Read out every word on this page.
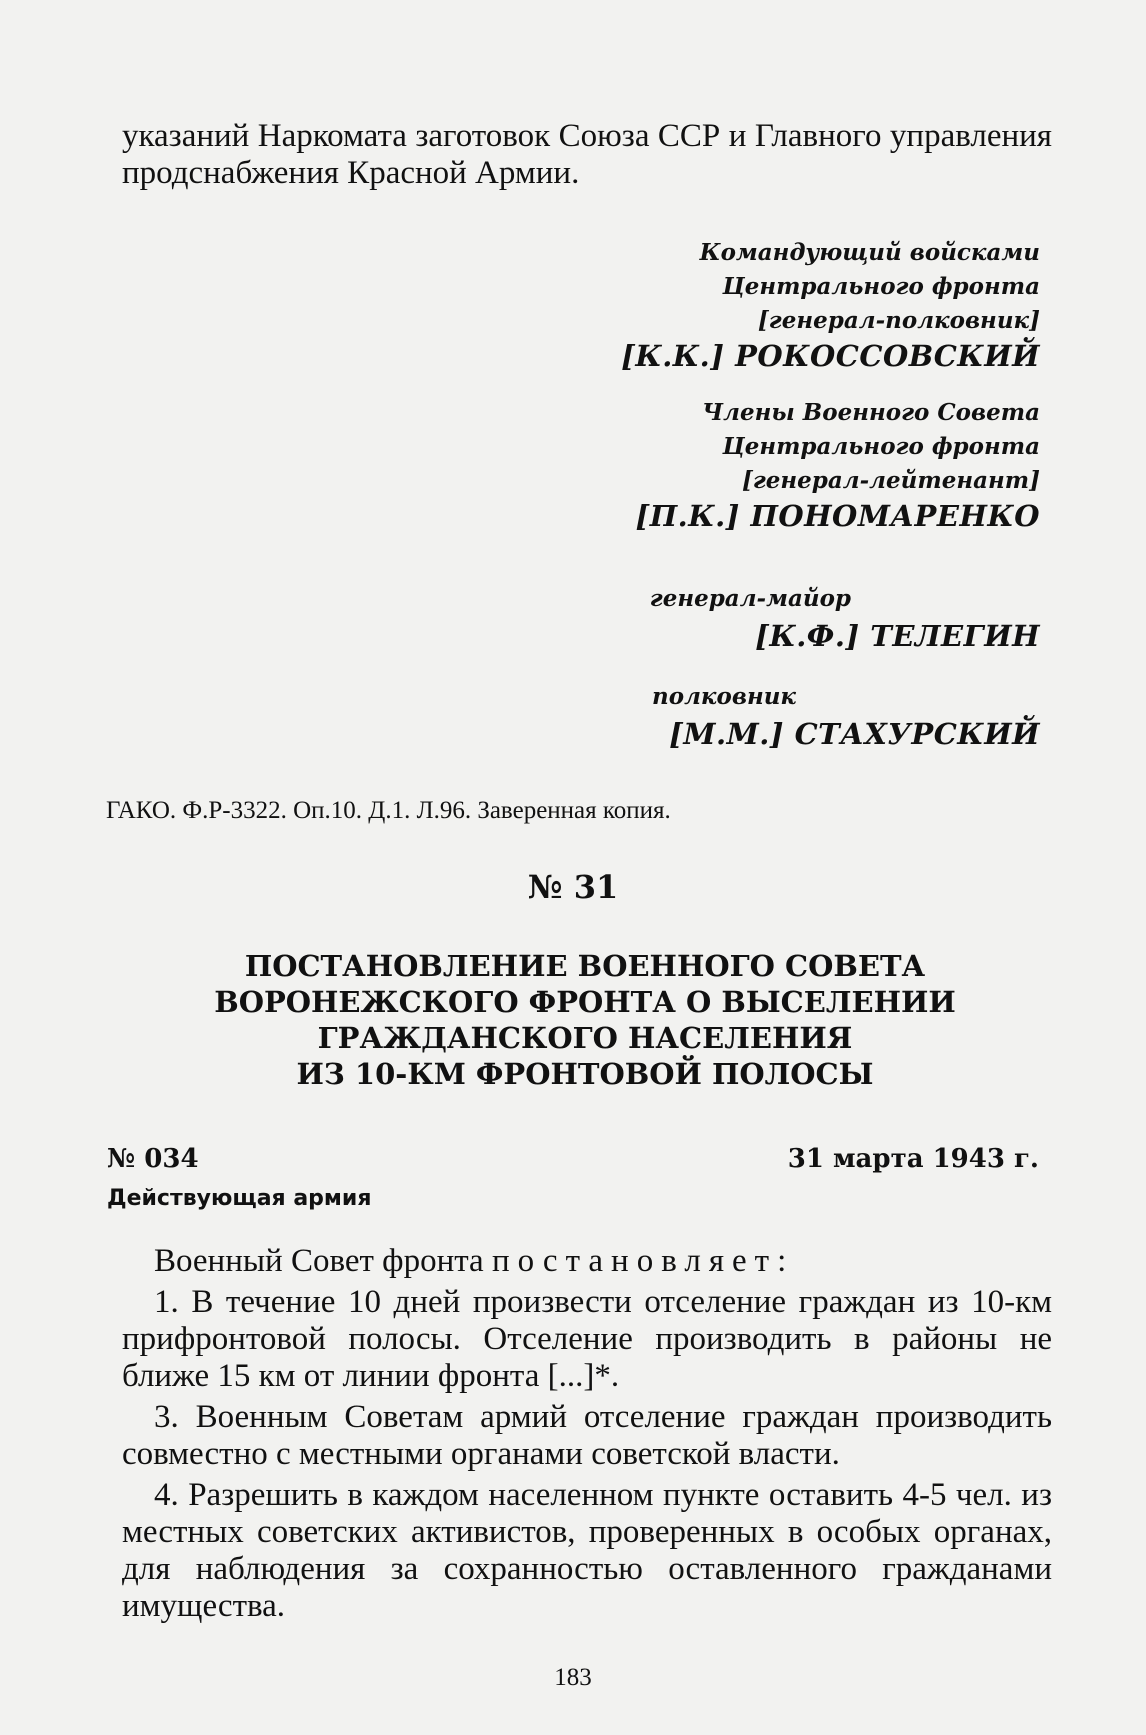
указаний Наркомата заготовок Союза ССР и Главного управления продснабжения Красной Армии.

Командующий войсками
Центрального фронта
[генерал-полковник]
[К.К.] РОКОССОВСКИЙ
Члены Военного Совета
Центрального фронта
[генерал-лейтенант]
[П.К.] ПОНОМАРЕНКО
генерал-майор
[К.Ф.] ТЕЛЕГИН
полковник
[М.М.] СТАХУРСКИЙ
ГАКО. Ф.Р-3322. Оп.10. Д.1. Л.96. Заверенная копия.
№ 31
ПОСТАНОВЛЕНИЕ ВОЕННОГО СОВЕТА
ВОРОНЕЖСКОГО ФРОНТА О ВЫСЕЛЕНИИ
ГРАЖДАНСКОГО НАСЕЛЕНИЯ
ИЗ 10-КМ ФРОНТОВОЙ ПОЛОСЫ
№ 034	31 марта 1943 г.
Действующая армия

Военный Совет фронта постановляет:

1. В течение 10 дней произвести отселение граждан из 10-км прифронтовой полосы. Отселение производить в районы не ближе 15 км от линии фронта [...]*.

3. Военным Советам армий отселение граждан производить совместно с местными органами советской власти.

4. Разрешить в каждом населенном пункте оставить 4-5 чел. из местных советских активистов, проверенных в особых органах, для наблюдения за сохранностью оставленного гражданами имущества.

183
